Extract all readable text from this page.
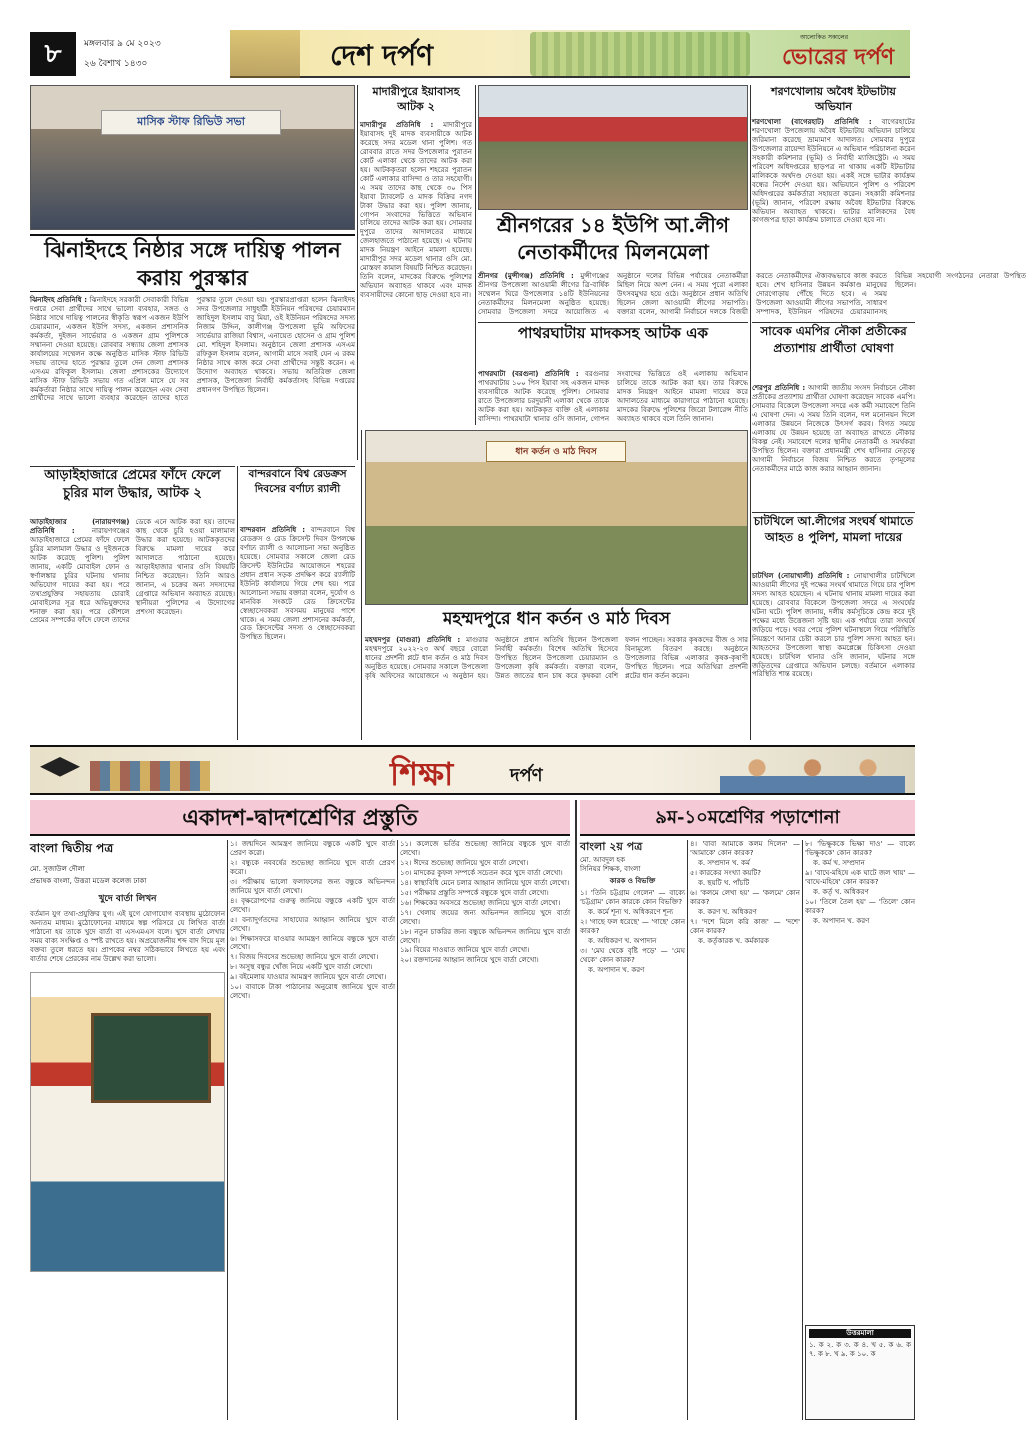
৮	মঙ্গলবার ৯ মে ২০২৩
২৬ বৈশাখ ১৪৩০	দেশ দর্পণ
আলোকিত সকালের
ভোরের দর্পণ
মাসিক স্টাফ রিভিউ সভা
ঝিনাইদহে নিষ্ঠার সঙ্গে দায়িত্ব পালন করায় পুরস্কার
ঝিনাইদহ প্রতিনিধি : ঝিনাইদহে সরকারী সেবাকারী বিভিন্ন দপ্তরে সেবা প্রার্থীদের সাথে ভালো ব্যবহার, সঙ্গত ও নিষ্ঠার সাথে দায়িত্ব পালনের স্বীকৃতি স্বরূপ একজন ইউপি চেয়ারম্যান, একজন ইউপি সদস্য, একজন প্রশাসনিক কর্মকর্তা, দুইজন সার্ভেয়ার ও একজন গ্রাম পুলিশকে সম্মাননা দেওয়া হয়েছে। রোববার সন্ধ্যায় জেলা প্রশাসক কার্যালয়ের সম্মেলন কক্ষে অনুষ্ঠিত মাসিক স্টাফ রিভিউ সভায় তাদের হাতে পুরস্কার তুলে দেন জেলা প্রশাসক এসএম রফিকুল ইসলাম। জেলা প্রশাসকের উদ্যোগে মাসিক স্টাফ রিভিউ সভায় গত এপ্রিল মাসে যে সব কর্মকর্তারা নিষ্ঠার সাথে দায়িত্ব পালন করেছেন এবং সেবা প্রার্থীদের সাথে ভালো ব্যবহার করেছেন তাদের হাতে পুরস্কার তুলে দেওয়া হয়। পুরস্কারপ্রাপ্তরা হলেন ঝিনাইদহ সদর উপজেলার সাধুহাটী ইউনিয়ন পরিষদের চেয়ারম্যান জাহিদুল ইসলাম বাবু মিয়া, ওই ইউনিয়ন পরিষদের সদস্য নিজাম উদ্দিন, কালীগঞ্জ উপজেলা ভূমি অফিসের সার্ভেয়ার রাজিয়া বিশ্বাস, এনায়েত হোসেন ও গ্রাম পুলিশ মো. শহিদুল ইসলাম। অনুষ্ঠানে জেলা প্রশাসক এসএম রফিকুল ইসলাম বলেন, আগামী মাসে সবাই যেন এ রকম নিষ্ঠার সাথে কাজ করে সেবা প্রার্থীদের সন্তুষ্ট করেন। এ উদ্যোগ অব্যাহত থাকবে। সভায় অতিরিক্ত জেলা প্রশাসক, উপজেলা নির্বাহী কর্মকর্তাসহ বিভিন্ন দপ্তরের প্রধানগণ উপস্থিত ছিলেন।
মাদারীপুরে ইয়াবাসহ আটক ২
মাদারীপুর প্রতিনিধি : মাদারীপুরে ইয়াবাসহ দুই মাদক ব্যবসায়ীকে আটক করেছে সদর মডেল থানা পুলিশ। গত রোববার রাতে সদর উপজেলার পুরাতন কোর্ট এলাকা থেকে তাদের আটক করা হয়। আটককৃতরা হলেন শহরের পুরাতন কোর্ট এলাকার বাসিন্দা ও তার সহযোগী। এ সময় তাদের কাছ থেকে ৩০ পিস ইয়াবা ট্যাবলেট ও মাদক বিক্রির নগদ টাকা উদ্ধার করা হয়। পুলিশ জানায়, গোপন সংবাদের ভিত্তিতে অভিযান চালিয়ে তাদের আটক করা হয়। সোমবার দুপুরে তাদের আদালতের মাধ্যমে জেলহাজতে পাঠানো হয়েছে। এ ঘটনায় মাদক নিয়ন্ত্রণ আইনে মামলা হয়েছে। মাদারীপুর সদর মডেল থানার ওসি মো. মোস্তফা কামাল বিষয়টি নিশ্চিত করেছেন। তিনি বলেন, মাদকের বিরুদ্ধে পুলিশের অভিযান অব্যাহত থাকবে এবং মাদক ব্যবসায়ীদের কোনো ছাড় দেওয়া হবে না।
শ্রীনগরের ১৪ ইউপি আ.লীগ নেতাকর্মীদের মিলনমেলা
শ্রীনগর (মুন্সীগঞ্জ) প্রতিনিধি : মুন্সীগঞ্জের শ্রীনগর উপজেলা আওয়ামী লীগের ত্রি-বার্ষিক সম্মেলন ঘিরে উপজেলার ১৪টি ইউনিয়নের নেতাকর্মীদের মিলনমেলা অনুষ্ঠিত হয়েছে। সোমবার উপজেলা সদরে আয়োজিত এ অনুষ্ঠানে দলের বিভিন্ন পর্যায়ের নেতাকর্মীরা মিছিল নিয়ে অংশ নেন। এ সময় পুরো এলাকা উৎসবমুখর হয়ে ওঠে। অনুষ্ঠানে প্রধান অতিথি ছিলেন জেলা আওয়ামী লীগের সভাপতি। বক্তারা বলেন, আগামী নির্বাচনে দলকে বিজয়ী করতে নেতাকর্মীদের ঐক্যবদ্ধভাবে কাজ করতে হবে। শেখ হাসিনার উন্নয়ন কর্মকাণ্ড মানুষের দোরগোড়ায় পৌঁছে দিতে হবে। এ সময় উপজেলা আওয়ামী লীগের সভাপতি, সাধারণ সম্পাদক, ইউনিয়ন পরিষদের চেয়ারম্যানসহ বিভিন্ন সহযোগী সংগঠনের নেতারা উপস্থিত ছিলেন।
শরণখোলায় অবৈধ ইটভাটায় অভিযান
শরণখোলা (বাগেরহাট) প্রতিনিধি : বাগেরহাটের শরণখোলা উপজেলায় অবৈধ ইটভাটায় অভিযান চালিয়ে জরিমানা করেছে ভ্রাম্যমাণ আদালত। সোমবার দুপুরে উপজেলার রায়েন্দা ইউনিয়নে এ অভিযান পরিচালনা করেন সহকারী কমিশনার (ভূমি) ও নির্বাহী ম্যাজিস্ট্রেট। এ সময় পরিবেশ অধিদপ্তরের ছাড়পত্র না থাকায় একটি ইটভাটার মালিককে অর্থদণ্ড দেওয়া হয়। একই সঙ্গে ভাটার কার্যক্রম বন্ধের নির্দেশ দেওয়া হয়। অভিযানে পুলিশ ও পরিবেশ অধিদপ্তরের কর্মকর্তারা সহায়তা করেন। সহকারী কমিশনার (ভূমি) জানান, পরিবেশ রক্ষায় অবৈধ ইটভাটার বিরুদ্ধে অভিযান অব্যাহত থাকবে। ভাটার মালিকদের বৈধ কাগজপত্র ছাড়া কার্যক্রম চালাতে দেওয়া হবে না।
পাথরঘাটায় মাদকসহ আটক এক
পাথরঘাটা (বরগুনা) প্রতিনিধি : বরগুনার পাথরঘাটায় ১০০ পিস ইয়াবা সহ একজন মাদক ব্যবসায়ীকে আটক করেছে পুলিশ। সোমবার রাতে উপজেলার চরদুয়ানী এলাকা থেকে তাকে আটক করা হয়। আটককৃত ব্যক্তি ওই এলাকার বাসিন্দা। পাথরঘাটা থানার ওসি জানান, গোপন সংবাদের ভিত্তিতে ওই এলাকায় অভিযান চালিয়ে তাকে আটক করা হয়। তার বিরুদ্ধে মাদক নিয়ন্ত্রণ আইনে মামলা দায়ের করে আদালতের মাধ্যমে কারাগারে পাঠানো হয়েছে। মাদকের বিরুদ্ধে পুলিশের জিরো টলারেন্স নীতি অব্যাহত থাকবে বলে তিনি জানান।
সাবেক এমপির নৌকা প্রতীকের প্রত্যাশায় প্রার্থীতা ঘোষণা
শেরপুর প্রতিনিধি : আগামী জাতীয় সংসদ নির্বাচনে নৌকা প্রতীকের প্রত্যাশায় প্রার্থীতা ঘোষণা করেছেন সাবেক এমপি। সোমবার বিকেলে উপজেলা সদরে এক কর্মী সমাবেশে তিনি এ ঘোষণা দেন। এ সময় তিনি বলেন, দল মনোনয়ন দিলে এলাকার উন্নয়নে নিজেকে উৎসর্গ করব। বিগত সময়ে এলাকায় যে উন্নয়ন হয়েছে তা অব্যাহত রাখতে নৌকার বিকল্প নেই। সমাবেশে দলের স্থানীয় নেতাকর্মী ও সমর্থকরা উপস্থিত ছিলেন। বক্তারা প্রধানমন্ত্রী শেখ হাসিনার নেতৃত্বে আগামী নির্বাচনে বিজয় নিশ্চিত করতে তৃণমূলের নেতাকর্মীদের মাঠে কাজ করার আহ্বান জানান।
আড়াইহাজারে প্রেমের ফাঁদে ফেলে চুরির মাল উদ্ধার, আটক ২
আড়াইহাজার (নারায়ণগঞ্জ) প্রতিনিধি : নারায়ণগঞ্জের আড়াইহাজারে প্রেমের ফাঁদে ফেলে চুরির মালামাল উদ্ধার ও দুইজনকে আটক করেছে পুলিশ। পুলিশ জানায়, একটি মোবাইল ফোন ও স্বর্ণালঙ্কার চুরির ঘটনায় থানায় অভিযোগ দায়ের করা হয়। পরে তথ্যপ্রযুক্তির সহায়তায় চোরাই মোবাইলের সূত্র ধরে অভিযুক্তদের শনাক্ত করা হয়। পরে কৌশলে প্রেমের সম্পর্কের ফাঁদে ফেলে তাদের ডেকে এনে আটক করা হয়। তাদের কাছ থেকে চুরি হওয়া মালামাল উদ্ধার করা হয়েছে। আটককৃতদের বিরুদ্ধে মামলা দায়ের করে আদালতে পাঠানো হয়েছে। আড়াইহাজার থানার ওসি বিষয়টি নিশ্চিত করেছেন। তিনি আরও জানান, এ চক্রের অন্য সদস্যদের গ্রেপ্তারে অভিযান অব্যাহত রয়েছে। স্থানীয়রা পুলিশের এ উদ্যোগের প্রশংসা করেছেন।
বান্দরবানে বিশ্ব রেডক্রস দিবসের বর্ণাঢ্য র‍্যালী
বান্দরবান প্রতিনিধি : বান্দরবানে বিশ্ব রেডক্রস ও রেড ক্রিসেন্ট দিবস উপলক্ষে বর্ণাঢ্য র‍্যালী ও আলোচনা সভা অনুষ্ঠিত হয়েছে। সোমবার সকালে জেলা রেড ক্রিসেন্ট ইউনিটের আয়োজনে শহরের প্রধান প্রধান সড়ক প্রদক্ষিণ করে র‍্যালীটি ইউনিট কার্যালয়ে গিয়ে শেষ হয়। পরে আলোচনা সভায় বক্তারা বলেন, দুর্যোগ ও মানবিক সংকটে রেড ক্রিসেন্টের স্বেচ্ছাসেবকরা সবসময় মানুষের পাশে থাকে। এ সময় জেলা প্রশাসনের কর্মকর্তা, রেড ক্রিসেন্টের সদস্য ও স্বেচ্ছাসেবকরা উপস্থিত ছিলেন।
ধান কর্তন ও মাঠ দিবস
মহম্মদপুরে ধান কর্তন ও মাঠ দিবস
মহম্মদপুর (মাগুরা) প্রতিনিধি : মাগুরার মহম্মদপুরে ২০২২-২৩ অর্থ বছরে বোরো ধানের প্রদর্শনী প্লটে ধান কর্তন ও মাঠ দিবস অনুষ্ঠিত হয়েছে। সোমবার সকালে উপজেলা কৃষি অফিসের আয়োজনে এ অনুষ্ঠান হয়। অনুষ্ঠানে প্রধান অতিথি ছিলেন উপজেলা নির্বাহী কর্মকর্তা। বিশেষ অতিথি হিসেবে উপস্থিত ছিলেন উপজেলা চেয়ারম্যান ও উপজেলা কৃষি কর্মকর্তা। বক্তারা বলেন, উন্নত জাতের ধান চাষ করে কৃষকরা বেশি ফলন পাচ্ছেন। সরকার কৃষকদের বীজ ও সার বিনামূল্যে বিতরণ করছে। অনুষ্ঠানে উপজেলার বিভিন্ন এলাকার কৃষক-কৃষাণী উপস্থিত ছিলেন। পরে অতিথিরা প্রদর্শনী প্লটের ধান কর্তন করেন।
চাটখিলে আ.লীগের সংঘর্ষ থামাতে আহত ৪ পুলিশ, মামলা দায়ের
চাটখিল (নোয়াখালী) প্রতিনিধি : নোয়াখালীর চাটখিলে আওয়ামী লীগের দুই পক্ষের সংঘর্ষ থামাতে গিয়ে চার পুলিশ সদস্য আহত হয়েছেন। এ ঘটনায় থানায় মামলা দায়ের করা হয়েছে। রোববার বিকেলে উপজেলা সদরে এ সংঘর্ষের ঘটনা ঘটে। পুলিশ জানায়, দলীয় কর্মসূচিকে কেন্দ্র করে দুই পক্ষের মধ্যে উত্তেজনা সৃষ্টি হয়। এক পর্যায়ে তারা সংঘর্ষে জড়িয়ে পড়ে। খবর পেয়ে পুলিশ ঘটনাস্থলে গিয়ে পরিস্থিতি নিয়ন্ত্রণে আনার চেষ্টা করলে চার পুলিশ সদস্য আহত হন। আহতদের উপজেলা স্বাস্থ্য কমপ্লেক্সে চিকিৎসা দেওয়া হয়েছে। চাটখিল থানার ওসি জানান, ঘটনার সঙ্গে জড়িতদের গ্রেপ্তারে অভিযান চলছে। বর্তমানে এলাকার পরিস্থিতি শান্ত রয়েছে।
শিক্ষা	দর্পণ
একাদশ-দ্বাদশশ্রেণির প্রস্তুতি
বাংলা দ্বিতীয় পত্র
মো. সুজাউল দৌলা
প্রভাষক বাংলা, উত্তরা মডেল কলেজ ঢাকা
খুদে বার্তা লিখন
বর্তমান যুগ তথ্য-প্রযুক্তির যুগ। এই যুগে যোগাযোগ ব্যবস্থায় মুঠোফোন অন্যতম মাধ্যম। মুঠোফোনের মাধ্যমে স্বল্প পরিসরে যে লিখিত বার্তা পাঠানো হয় তাকে খুদে বার্তা বা এসএমএস বলে। খুদে বার্তা লেখার সময় বাক্য সংক্ষিপ্ত ও স্পষ্ট রাখতে হয়। অপ্রয়োজনীয় শব্দ বাদ দিয়ে মূল বক্তব্য তুলে ধরতে হয়। প্রাপকের নম্বর সঠিকভাবে লিখতে হয় এবং বার্তার শেষে প্রেরকের নাম উল্লেখ করা ভালো।
১। জন্মদিনে আমন্ত্রণ জানিয়ে বন্ধুকে একটি খুদে বার্তা প্রেরণ করো।
২। বন্ধুকে নববর্ষের শুভেচ্ছা জানিয়ে খুদে বার্তা প্রেরণ করো।
৩। পরীক্ষায় ভালো ফলাফলের জন্য বন্ধুকে অভিনন্দন জানিয়ে খুদে বার্তা লেখো।
৪। বৃক্ষরোপণের গুরুত্ব জানিয়ে বন্ধুকে একটি খুদে বার্তা লেখো।
৫। বন্যাদুর্গতদের সাহায্যের আহ্বান জানিয়ে খুদে বার্তা লেখো।
৬। শিক্ষাসফরে যাওয়ার আমন্ত্রণ জানিয়ে বন্ধুকে খুদে বার্তা লেখো।
৭। বিজয় দিবসের শুভেচ্ছা জানিয়ে খুদে বার্তা লেখো।
৮। অসুস্থ বন্ধুর খোঁজ নিয়ে একটি খুদে বার্তা লেখো।
৯। বইমেলায় যাওয়ার আমন্ত্রণ জানিয়ে খুদে বার্তা লেখো।
১০। বাবাকে টাকা পাঠানোর অনুরোধ জানিয়ে খুদে বার্তা লেখো।
১১। কলেজে ভর্তির শুভেচ্ছা জানিয়ে বন্ধুকে খুদে বার্তা লেখো।
১২। ঈদের শুভেচ্ছা জানিয়ে খুদে বার্তা লেখো।
১৩। মাদকের কুফল সম্পর্কে সচেতন করে খুদে বার্তা লেখো।
১৪। স্বাস্থ্যবিধি মেনে চলার আহ্বান জানিয়ে খুদে বার্তা লেখো।
১৫। পরীক্ষার প্রস্তুতি সম্পর্কে বন্ধুকে খুদে বার্তা লেখো।
১৬। শিক্ষকের অবসরে শুভেচ্ছা জানিয়ে খুদে বার্তা লেখো।
১৭। খেলায় জয়ের জন্য অভিনন্দন জানিয়ে খুদে বার্তা লেখো।
১৮। নতুন চাকরির জন্য বন্ধুকে অভিনন্দন জানিয়ে খুদে বার্তা লেখো।
১৯। বিয়ের দাওয়াত জানিয়ে খুদে বার্তা লেখো।
২০। রক্তদানের আহ্বান জানিয়ে খুদে বার্তা লেখো।
৯ম-১০মশ্রেণির পড়াশোনা
বাংলা ২য় পত্র
মো. আবদুল হক
সিনিয়র শিক্ষক, বাংলা
কারক ও বিভক্তি
১। 'তিনি চট্টগ্রাম গেলেন' — বাক্যে 'চট্টগ্রাম' কোন কারকে কোন বিভক্তি?
ক. কর্মে শূন্য খ. অধিকরণে শূন্য
২। 'গাছে ফল ধরেছে' — 'গাছে' কোন কারক?
ক. অধিকরণ খ. অপাদান
৩। 'মেঘ থেকে বৃষ্টি পড়ে' — 'মেঘ থেকে' কোন কারক?
ক. অপাদান খ. করণ
৪। 'বাবা আমাকে কলম দিলেন' — 'আমাকে' কোন কারক?
ক. সম্প্রদান খ. কর্ম
৫। কারকের সংখ্যা কয়টি?
ক. ছয়টি খ. পাঁচটি
৬। 'কলমে লেখা হয়' — 'কলমে' কোন কারক?
ক. করণ খ. অধিকরণ
৭। 'দশে মিলে করি কাজ' — 'দশে' কোন কারক?
ক. কর্তৃকারক খ. কর্মকারক
৮। 'ভিক্ষুককে ভিক্ষা দাও' — বাক্যে 'ভিক্ষুককে' কোন কারক?
ক. কর্ম খ. সম্প্রদান
৯। 'বাঘে-মহিষে এক ঘাটে জল খায়' — 'বাঘে-মহিষে' কোন কারক?
ক. কর্তৃ খ. অধিকরণ
১০। 'তিলে তৈল হয়' — 'তিলে' কোন কারক?
ক. অপাদান খ. করণ
উত্তরমালা
১. ক ২. ক ৩. ক ৪. খ ৫. ক ৬. ক ৭. ক ৮. খ ৯. ক ১০. ক
